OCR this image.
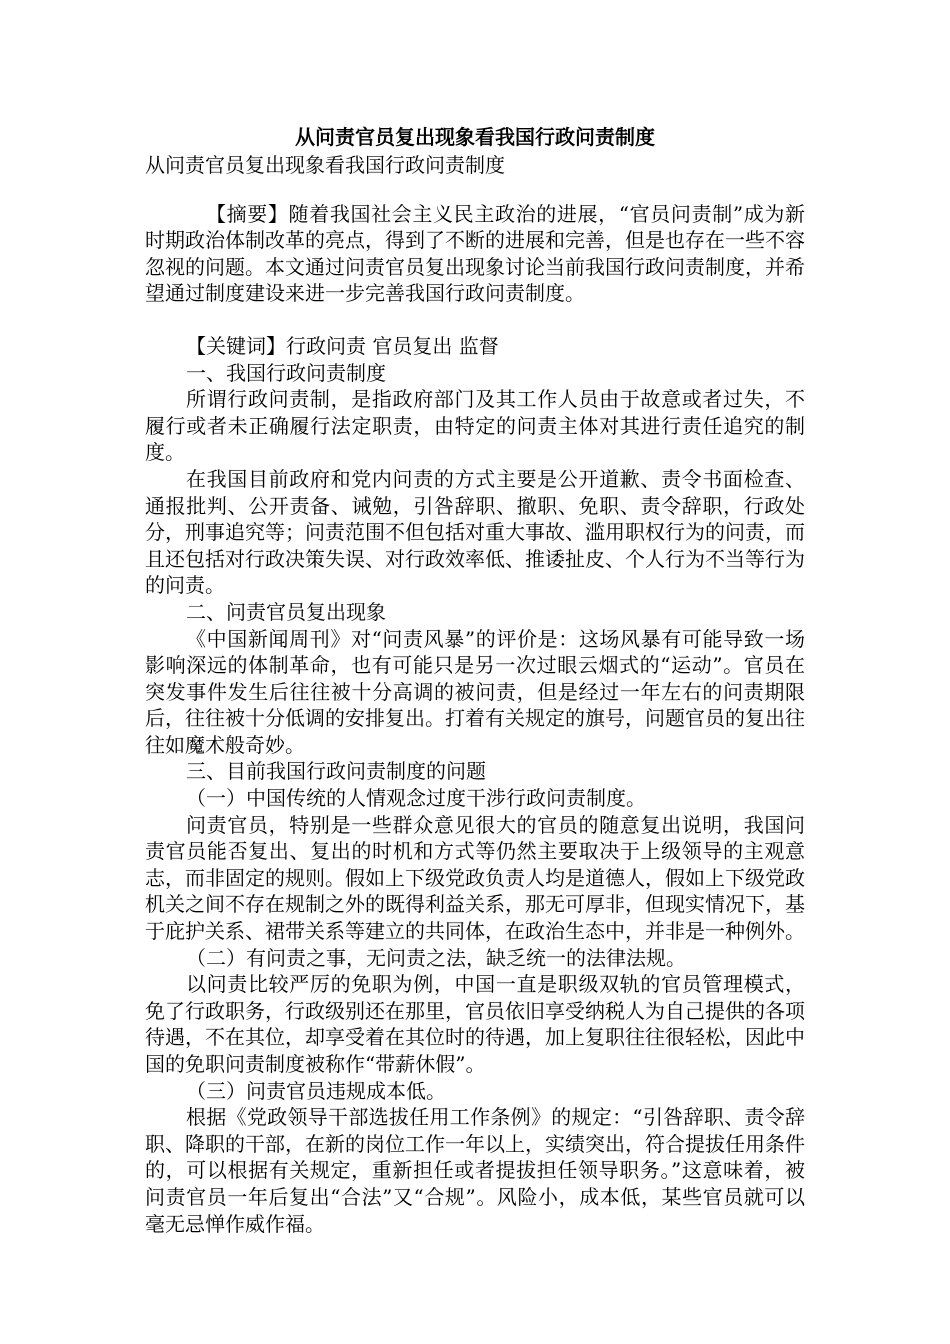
从问责官员复出现象看我国行政问责制度

从问责官员复出现象看我国行政问责制度

【摘要】随着我国社会主义民主政治的进展，“官员问责制”成为新时期政治体制改革的亮点，得到了不断的进展和完善，但是也存在一些不容忽视的问题。本文通过问责官员复出现象讨论当前我国行政问责制度，并希望通过制度建设来进一步完善我国行政问责制度。

【关键词】行政问责 官员复出 监督

一、我国行政问责制度

所谓行政问责制，是指政府部门及其工作人员由于故意或者过失，不履行或者未正确履行法定职责，由特定的问责主体对其进行责任追究的制度。

在我国目前政府和党内问责的方式主要是公开道歉、责令书面检查、通报批判、公开责备、诫勉，引咎辞职、撤职、免职、责令辞职，行政处分，刑事追究等；问责范围不但包括对重大事故、滥用职权行为的问责，而且还包括对行政决策失误、对行政效率低、推诿扯皮、个人行为不当等行为的问责。

二、问责官员复出现象

《中国新闻周刊》对“问责风暴”的评价是：这场风暴有可能导致一场影响深远的体制革命，也有可能只是另一次过眼云烟式的“运动”。官员在突发事件发生后往往被十分高调的被问责，但是经过一年左右的问责期限后，往往被十分低调的安排复出。打着有关规定的旗号，问题官员的复出往往如魔术般奇妙。

三、目前我国行政问责制度的问题

（一）中国传统的人情观念过度干涉行政问责制度。

问责官员，特别是一些群众意见很大的官员的随意复出说明，我国问责官员能否复出、复出的时机和方式等仍然主要取决于上级领导的主观意志，而非固定的规则。假如上下级党政负责人均是道德人，假如上下级党政机关之间不存在规制之外的既得利益关系，那无可厚非，但现实情况下，基于庇护关系、裙带关系等建立的共同体，在政治生态中，并非是一种例外。

（二）有问责之事，无问责之法，缺乏统一的法律法规。

以问责比较严厉的免职为例，中国一直是职级双轨的官员管理模式，免了行政职务，行政级别还在那里，官员依旧享受纳税人为自己提供的各项待遇，不在其位，却享受着在其位时的待遇，加上复职往往很轻松，因此中国的免职问责制度被称作“带薪休假”。

（三）问责官员违规成本低。

根据《党政领导干部选拔任用工作条例》的规定：“引咎辞职、责令辞职、降职的干部，在新的岗位工作一年以上，实绩突出，符合提拔任用条件的，可以根据有关规定，重新担任或者提拔担任领导职务。”这意味着，被问责官员一年后复出“合法”又“合规”。风险小，成本低，某些官员就可以毫无忌惮作威作福。
